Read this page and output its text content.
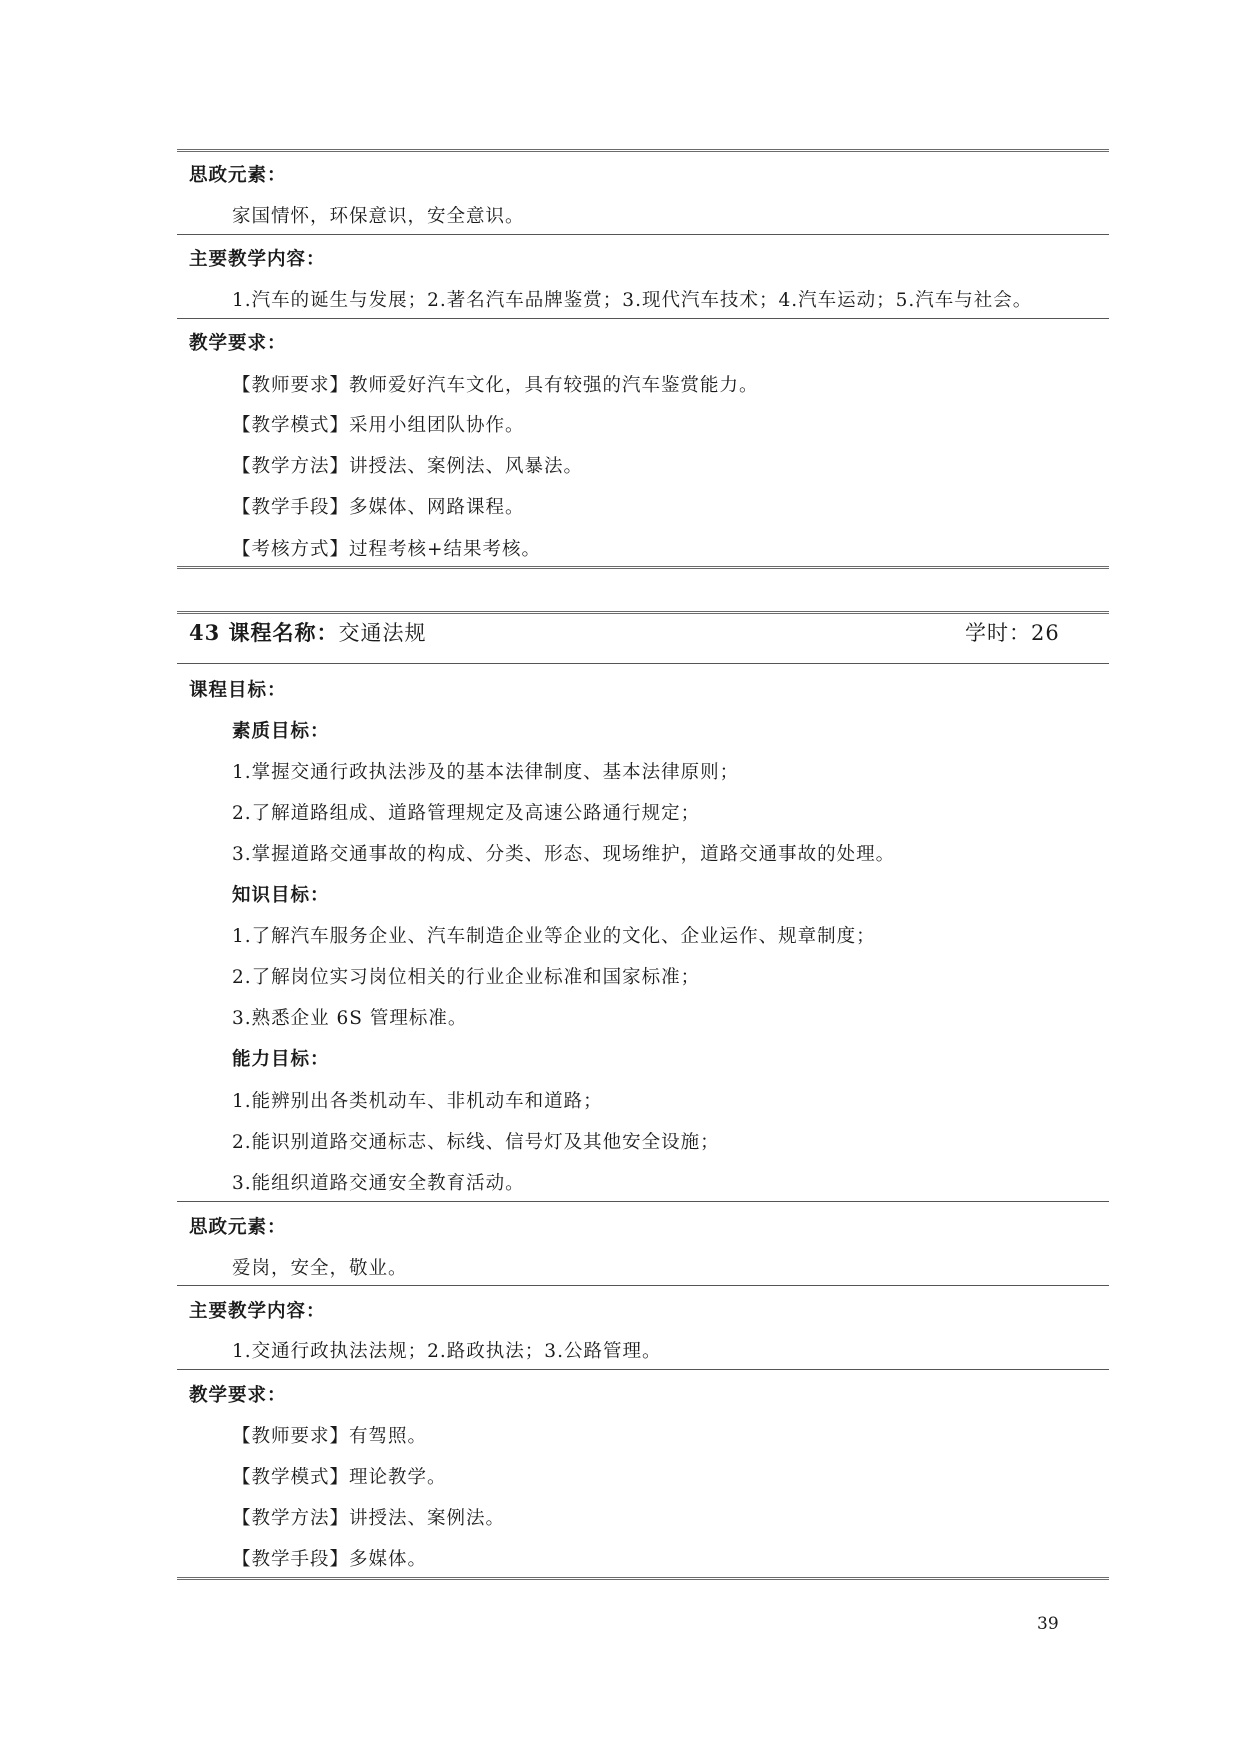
思政元素：
家国情怀，环保意识，安全意识。
主要教学内容：
1.汽车的诞生与发展；2.著名汽车品牌鉴赏；3.现代汽车技术；4.汽车运动；5.汽车与社会。
教学要求：
【教师要求】教师爱好汽车文化，具有较强的汽车鉴赏能力。
【教学模式】采用小组团队协作。
【教学方法】讲授法、案例法、风暴法。
【教学手段】多媒体、网路课程。
【考核方式】过程考核+结果考核。
43 课程名称：交通法规	学时：26
课程目标：
素质目标：
1.掌握交通行政执法涉及的基本法律制度、基本法律原则；
2.了解道路组成、道路管理规定及高速公路通行规定；
3.掌握道路交通事故的构成、分类、形态、现场维护，道路交通事故的处理。
知识目标：
1.了解汽车服务企业、汽车制造企业等企业的文化、企业运作、规章制度；
2.了解岗位实习岗位相关的行业企业标准和国家标准；
3.熟悉企业 6S 管理标准。
能力目标：
1.能辨别出各类机动车、非机动车和道路；
2.能识别道路交通标志、标线、信号灯及其他安全设施；
3.能组织道路交通安全教育活动。
思政元素：
爱岗，安全，敬业。
主要教学内容：
1.交通行政执法法规；2.路政执法；3.公路管理。
教学要求：
【教师要求】有驾照。
【教学模式】理论教学。
【教学方法】讲授法、案例法。
【教学手段】多媒体。
39
